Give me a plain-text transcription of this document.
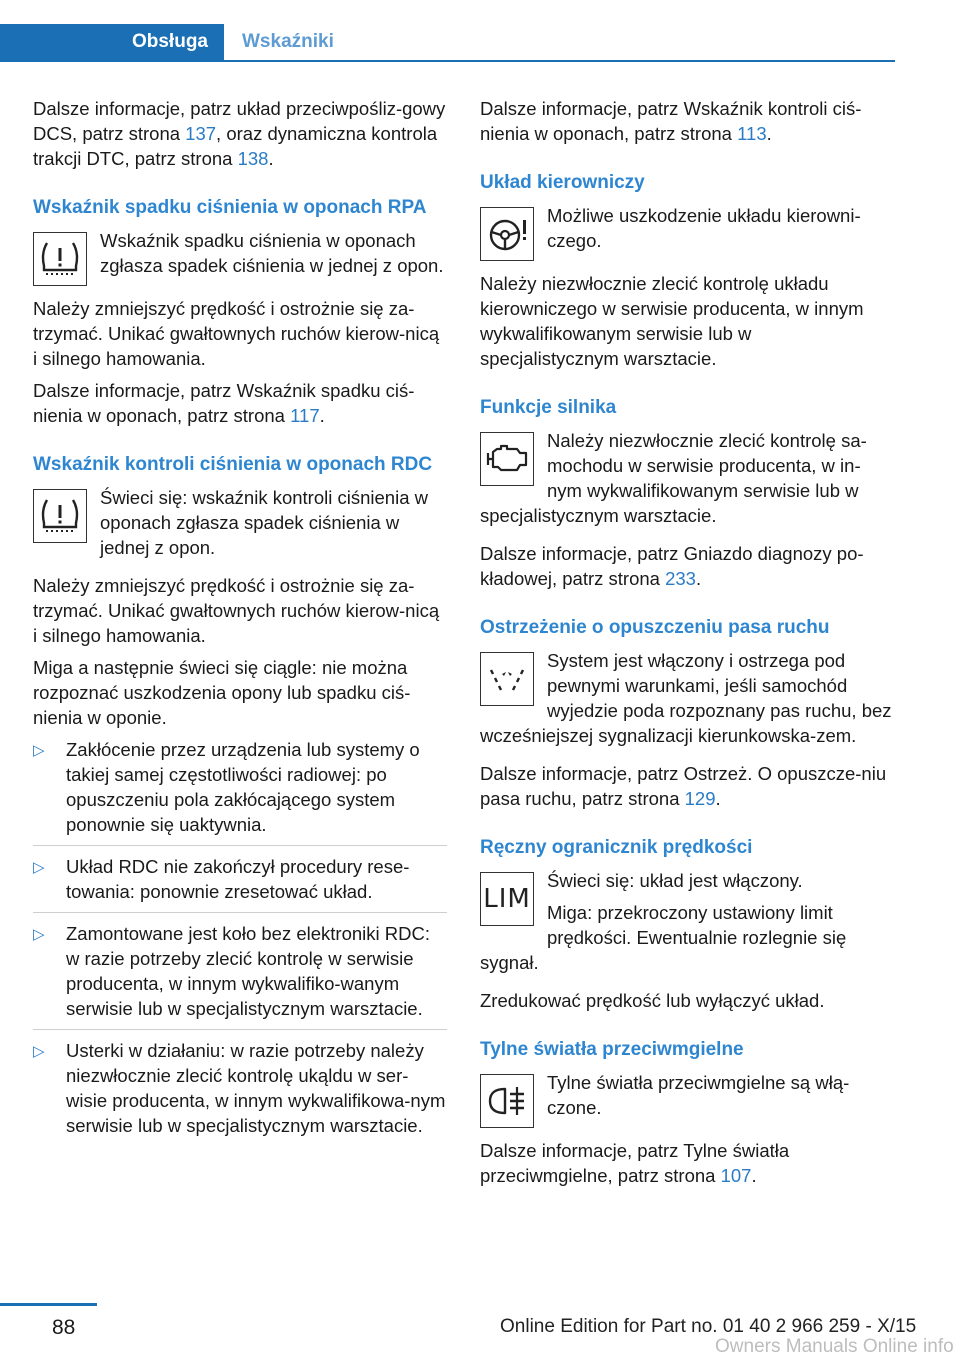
Obsługa	Wskaźniki

Dalsze informacje, patrz układ przeciwpośliz‐gowy DCS, patrz strona 137, oraz dynamiczna kontrola trakcji DTC, patrz strona 138.

Wskaźnik spadku ciśnienia w oponach RPA

Wskaźnik spadku ciśnienia w oponach zgłasza spadek ciśnienia w jednej z opon.

Należy zmniejszyć prędkość i ostrożnie się za‐trzymać. Unikać gwałtownych ruchów kierow‐nicą i silnego hamowania.

Dalsze informacje, patrz Wskaźnik spadku ciś‐nienia w oponach, patrz strona 117.

Wskaźnik kontroli ciśnienia w oponach RDC

Świeci się: wskaźnik kontroli ciśnienia w oponach zgłasza spadek ciśnienia w jednej z opon.

Należy zmniejszyć prędkość i ostrożnie się za‐trzymać. Unikać gwałtownych ruchów kierow‐nicą i silnego hamowania.

Miga a następnie świeci się ciągle: nie można rozpoznać uszkodzenia opony lub spadku ciś‐nienia w oponie.

▷ Zakłócenie przez urządzenia lub systemy o takiej samej częstotliwości radiowej: po opuszczeniu pola zakłócającego system ponownie się uaktywnia.
▷ Układ RDC nie zakończył procedury rese‐towania: ponownie zresetować układ.
▷ Zamontowane jest koło bez elektroniki RDC: w razie potrzeby zlecić kontrolę w serwisie producenta, w innym wykwalifiko‐wanym serwisie lub w specjalistycznym warsztacie.
▷ Usterki w działaniu: w razie potrzeby należy niezwłocznie zlecić kontrolę ukąldu w ser‐wisie producenta, w innym wykwalifikowa‐nym serwisie lub w specjalistycznym warsztacie.

Dalsze informacje, patrz Wskaźnik kontroli ciś‐nienia w oponach, patrz strona 113.

Układ kierowniczy

Możliwe uszkodzenie układu kierowni‐czego.

Należy niezwłocznie zlecić kontrolę układu kierowniczego w serwisie producenta, w innym wykwalifikowanym serwisie lub w specjalistycznym warsztacie.

Funkcje silnika

Należy niezwłocznie zlecić kontrolę sa‐mochodu w serwisie producenta, w in‐nym wykwalifikowanym serwisie lub w specjalistycznym warsztacie.

Dalsze informacje, patrz Gniazdo diagnozy po‐kładowej, patrz strona 233.

Ostrzeżenie o opuszczeniu pasa ruchu

System jest włączony i ostrzega pod pewnymi warunkami, jeśli samochód wyjedzie poda rozpoznany pas ruchu, bez wcześniejszej sygnalizacji kierunkowska‐zem.

Dalsze informacje, patrz Ostrzeż. O opuszcze‐niu pasa ruchu, patrz strona 129.

Ręczny ogranicznik prędkości
LIM

Świeci się: układ jest włączony.

Miga: przekroczony ustawiony limit prędkości. Ewentualnie rozlegnie się sygnał.

Zredukować prędkość lub wyłączyć układ.

Tylne światła przeciwmgielne

Tylne światła przeciwmgielne są włą‐czone.

Dalsze informacje, patrz Tylne światła przeciwmgielne, patrz strona 107.

88	Online Edition for Part no. 01 40 2 966 259 - X/15
Owners Manuals Online info
